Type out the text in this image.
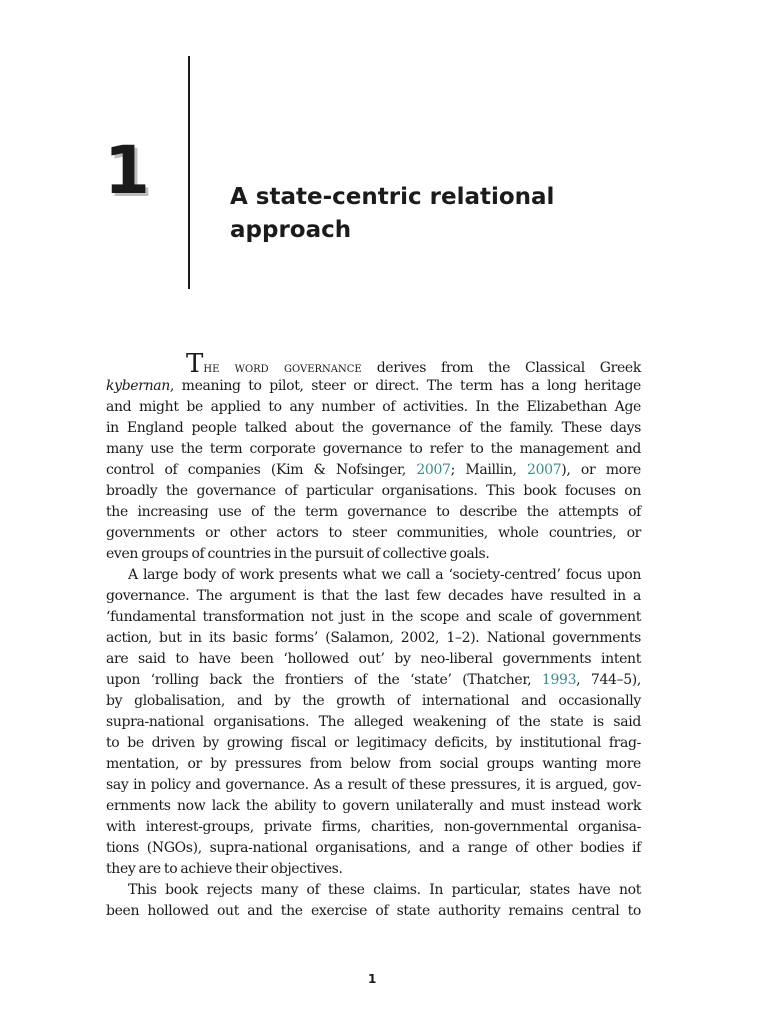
1	A state-centric relational
approach
The word governance derives from the Classical Greek
kybernan, meaning to pilot, steer or direct. The term has a long heritage
and might be applied to any number of activities. In the Elizabethan Age
in England people talked about the governance of the family. These days
many use the term corporate governance to refer to the management and
control of companies (Kim & Nofsinger, 2007; Maillin, 2007), or more
broadly the governance of particular organisations. This book focuses on
the increasing use of the term governance to describe the attempts of
governments or other actors to steer communities, whole countries, or
even groups of countries in the pursuit of collective goals.
A large body of work presents what we call a ‘society-centred’ focus upon
governance. The argument is that the last few decades have resulted in a
‘fundamental transformation not just in the scope and scale of government
action, but in its basic forms’ (Salamon, 2002, 1–2). National governments
are said to have been ‘hollowed out’ by neo-liberal governments intent
upon ‘rolling back the frontiers of the ‘state’ (Thatcher, 1993, 744–5),
by globalisation, and by the growth of international and occasionally
supra-national organisations. The alleged weakening of the state is said
to be driven by growing fiscal or legitimacy deficits, by institutional frag-
mentation, or by pressures from below from social groups wanting more
say in policy and governance. As a result of these pressures, it is argued, gov-
ernments now lack the ability to govern unilaterally and must instead work
with interest-groups, private firms, charities, non-governmental organisa-
tions (NGOs), supra-national organisations, and a range of other bodies if
they are to achieve their objectives.
This book rejects many of these claims. In particular, states have not
been hollowed out and the exercise of state authority remains central to
1
